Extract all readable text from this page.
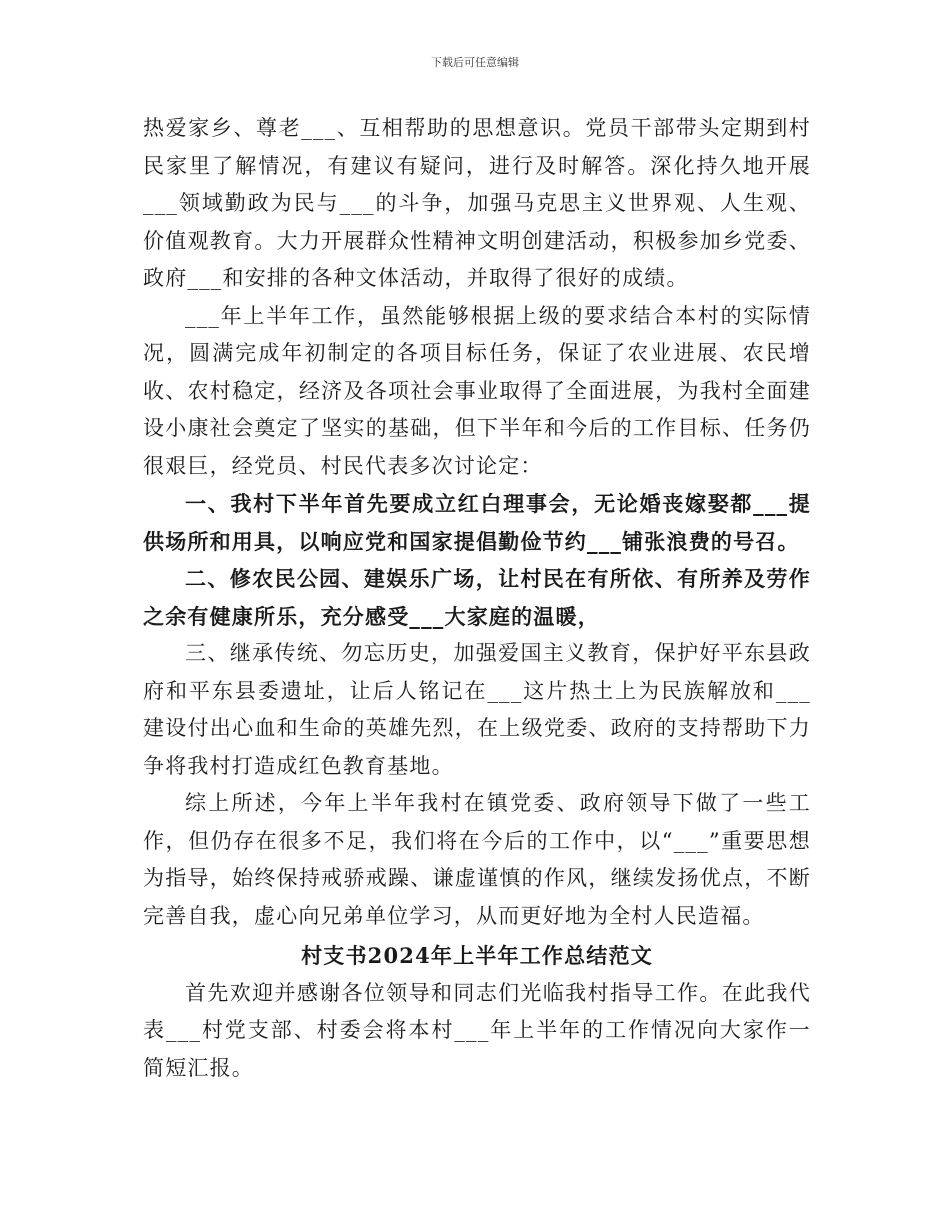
下载后可任意编辑

热爱家乡、尊老___、互相帮助的思想意识。党员干部带头定期到村民家里了解情况，有建议有疑问，进行及时解答。深化持久地开展___领域勤政为民与___的斗争，加强马克思主义世界观、人生观、价值观教育。大力开展群众性精神文明创建活动，积极参加乡党委、政府___和安排的各种文体活动，并取得了很好的成绩。

___年上半年工作，虽然能够根据上级的要求结合本村的实际情况，圆满完成年初制定的各项目标任务，保证了农业进展、农民增收、农村稳定，经济及各项社会事业取得了全面进展，为我村全面建设小康社会奠定了坚实的基础，但下半年和今后的工作目标、任务仍很艰巨，经党员、村民代表多次讨论定：

一、我村下半年首先要成立红白理事会，无论婚丧嫁娶都___提供场所和用具，以响应党和国家提倡勤俭节约___铺张浪费的号召。

二、修农民公园、建娱乐广场，让村民在有所依、有所养及劳作之余有健康所乐，充分感受___大家庭的温暖，

三、继承传统、勿忘历史，加强爱国主义教育，保护好平东县政府和平东县委遗址，让后人铭记在___这片热土上为民族解放和___建设付出心血和生命的英雄先烈，在上级党委、政府的支持帮助下力争将我村打造成红色教育基地。

综上所述，今年上半年我村在镇党委、政府领导下做了一些工作，但仍存在很多不足，我们将在今后的工作中，以“___”重要思想为指导，始终保持戒骄戒躁、谦虚谨慎的作风，继续发扬优点，不断完善自我，虚心向兄弟单位学习，从而更好地为全村人民造福。

村支书2024年上半年工作总结范文

首先欢迎并感谢各位领导和同志们光临我村指导工作。在此我代表___村党支部、村委会将本村___年上半年的工作情况向大家作一简短汇报。
